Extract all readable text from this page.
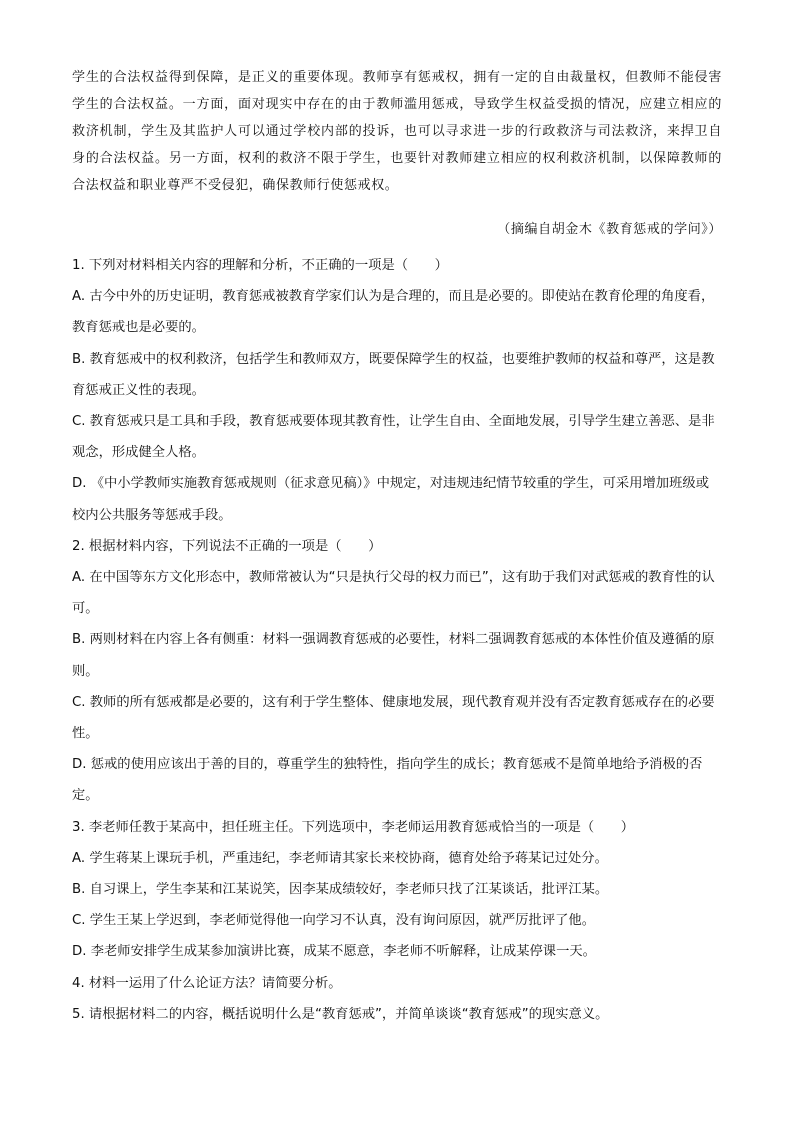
学生的合法权益得到保障，是正义的重要体现。教师享有惩戒权，拥有一定的自由裁量权，但教师不能侵害学生的合法权益。一方面，面对现实中存在的由于教师滥用惩戒，导致学生权益受损的情况，应建立相应的救济机制，学生及其监护人可以通过学校内部的投诉，也可以寻求进一步的行政救济与司法救济，来捍卫自身的合法权益。另一方面，权利的救济不限于学生，也要针对教师建立相应的权利救济机制，以保障教师的合法权益和职业尊严不受侵犯，确保教师行使惩戒权。

（摘编自胡金木《教育惩戒的学问》）
1. 下列对材料相关内容的理解和分析，不正确的一项是（　　）
A. 古今中外的历史证明，教育惩戒被教育学家们认为是合理的，而且是必要的。即使站在教育伦理的角度看，教育惩戒也是必要的。
B. 教育惩戒中的权利救济，包括学生和教师双方，既要保障学生的权益，也要维护教师的权益和尊严，这是教育惩戒正义性的表现。
C. 教育惩戒只是工具和手段，教育惩戒要体现其教育性，让学生自由、全面地发展，引导学生建立善恶、是非观念，形成健全人格。
D. 《中小学教师实施教育惩戒规则（征求意见稿）》中规定，对违规违纪情节较重的学生，可采用增加班级或校内公共服务等惩戒手段。
2. 根据材料内容，下列说法不正确的一项是（　　）
A. 在中国等东方文化形态中，教师常被认为“只是执行父母的权力而已”，这有助于我们对武惩戒的教育性的认可。
B. 两则材料在内容上各有侧重：材料一强调教育惩戒的必要性，材料二强调教育惩戒的本体性价值及遵循的原则。
C. 教师的所有惩戒都是必要的，这有利于学生整体、健康地发展，现代教育观并没有否定教育惩戒存在的必要性。
D. 惩戒的使用应该出于善的目的，尊重学生的独特性，指向学生的成长；教育惩戒不是简单地给予消极的否定。
3. 李老师任教于某高中，担任班主任。下列选项中，李老师运用教育惩戒恰当的一项是（　　）
A. 学生蒋某上课玩手机，严重违纪，李老师请其家长来校协商，德育处给予蒋某记过处分。
B. 自习课上，学生李某和江某说笑，因李某成绩较好，李老师只找了江某谈话，批评江某。
C. 学生王某上学迟到，李老师觉得他一向学习不认真，没有询问原因，就严厉批评了他。
D. 李老师安排学生成某参加演讲比赛，成某不愿意，李老师不听解释，让成某停课一天。
4. 材料一运用了什么论证方法？请简要分析。
5. 请根据材料二的内容，概括说明什么是“教育惩戒”，并简单谈谈“教育惩戒”的现实意义。
